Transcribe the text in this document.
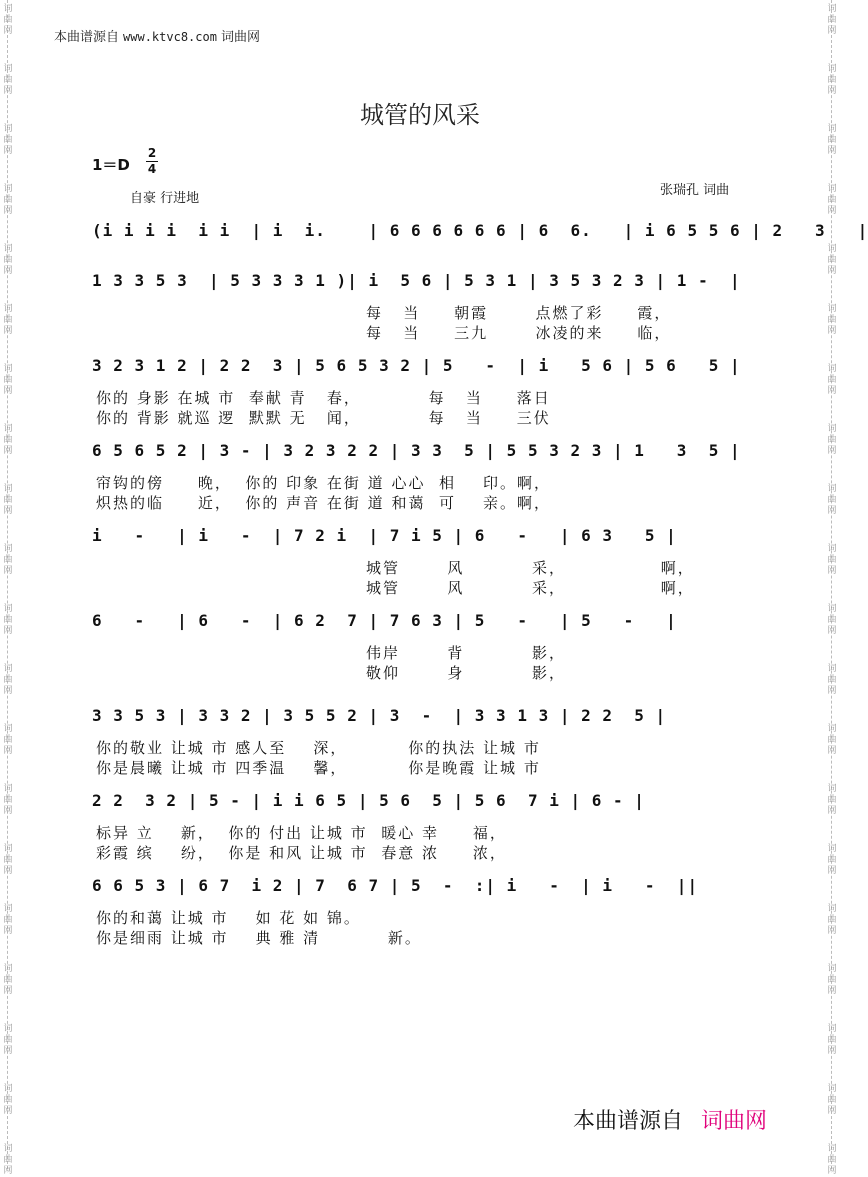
词
曲
网
词
曲
网
词
曲
网
词
曲
网
词
曲
网
词
曲
网
词
曲
网
词
曲
网
词
曲
网
词
曲
网
词
曲
网
词
曲
网
词
曲
网
词
曲
网
词
曲
网
词
曲
网
词
曲
网
词
曲
网
词
曲
网
词
曲
网
词
曲
网
词
曲
网
词
曲
网
词
曲
网
词
曲
网
词
曲
网
词
曲
网
词
曲
网
词
曲
网
词
曲
网
词
曲
网
词
曲
网
词
曲
网
词
曲
网
词
曲
网
词
曲
网
词
曲
网
词
曲
网
词
曲
网
词
曲
网
本曲谱源自 www.ktvc8.com 词曲网
城管的风采
1＝D
2
4
自豪 行进地
张瑞孔 词曲
(i i i i  i i  | i  i.    | 6 6 6 6 6 6 | 6  6.   | i 6 5 5 6 | 2   3   |
1 3 3 5 3  | 5 3 3 3 1 )| i  5 6 | 5 3 1 | 3 5 3 2 3 | 1 -  |
每   当     朝霞       点燃了彩     霞，
每   当     三九       冰凌的来     临，
3 2 3 1 2 | 2 2  3 | 5 6 5 3 2 | 5   -  | i   5 6 | 5 6   5 |
你的 身影 在城 市  奉献 青   春，          每   当     落日
你的 背影 就巡 逻  默默 无   闻，          每   当     三伏
6 5 6 5 2 | 3 - | 3 2 3 2 2 | 3 3  5 | 5 5 3 2 3 | 1   3  5 |
帘钩的傍     晚，  你的 印象 在街 道 心心  相    印。啊，
炽热的临     近，  你的 声音 在街 道 和蔼  可    亲。啊，
i   -   | i   -  | 7 2 i  | 7 i 5 | 6   -   | 6 3   5 |
城管       风          采，              啊，
城管       风          采，              啊，
6   -   | 6   -  | 6 2  7 | 7 6 3 | 5   -   | 5   -   |
伟岸       背          影，
敬仰       身          影，
3 3 5 3 | 3 3 2 | 3 5 5 2 | 3  -  | 3 3 1 3 | 2 2  5 |
你的敬业 让城 市 感人至    深，         你的执法 让城 市
你是晨曦 让城 市 四季温    馨，         你是晚霞 让城 市
2 2  3 2 | 5 - | i i 6 5 | 5 6  5 | 5 6  7 i | 6 - |
标异 立    新，  你的 付出 让城 市  暖心 幸     福，
彩霞 缤    纷，  你是 和风 让城 市  春意 浓     浓，
6 6 5 3 | 6 7  i 2 | 7  6 7 | 5  -  :| i   -  | i   -  ||
你的和蔼 让城 市    如 花 如 锦。
你是细雨 让城 市    典 雅 清          新。
本曲谱源自 词曲网
